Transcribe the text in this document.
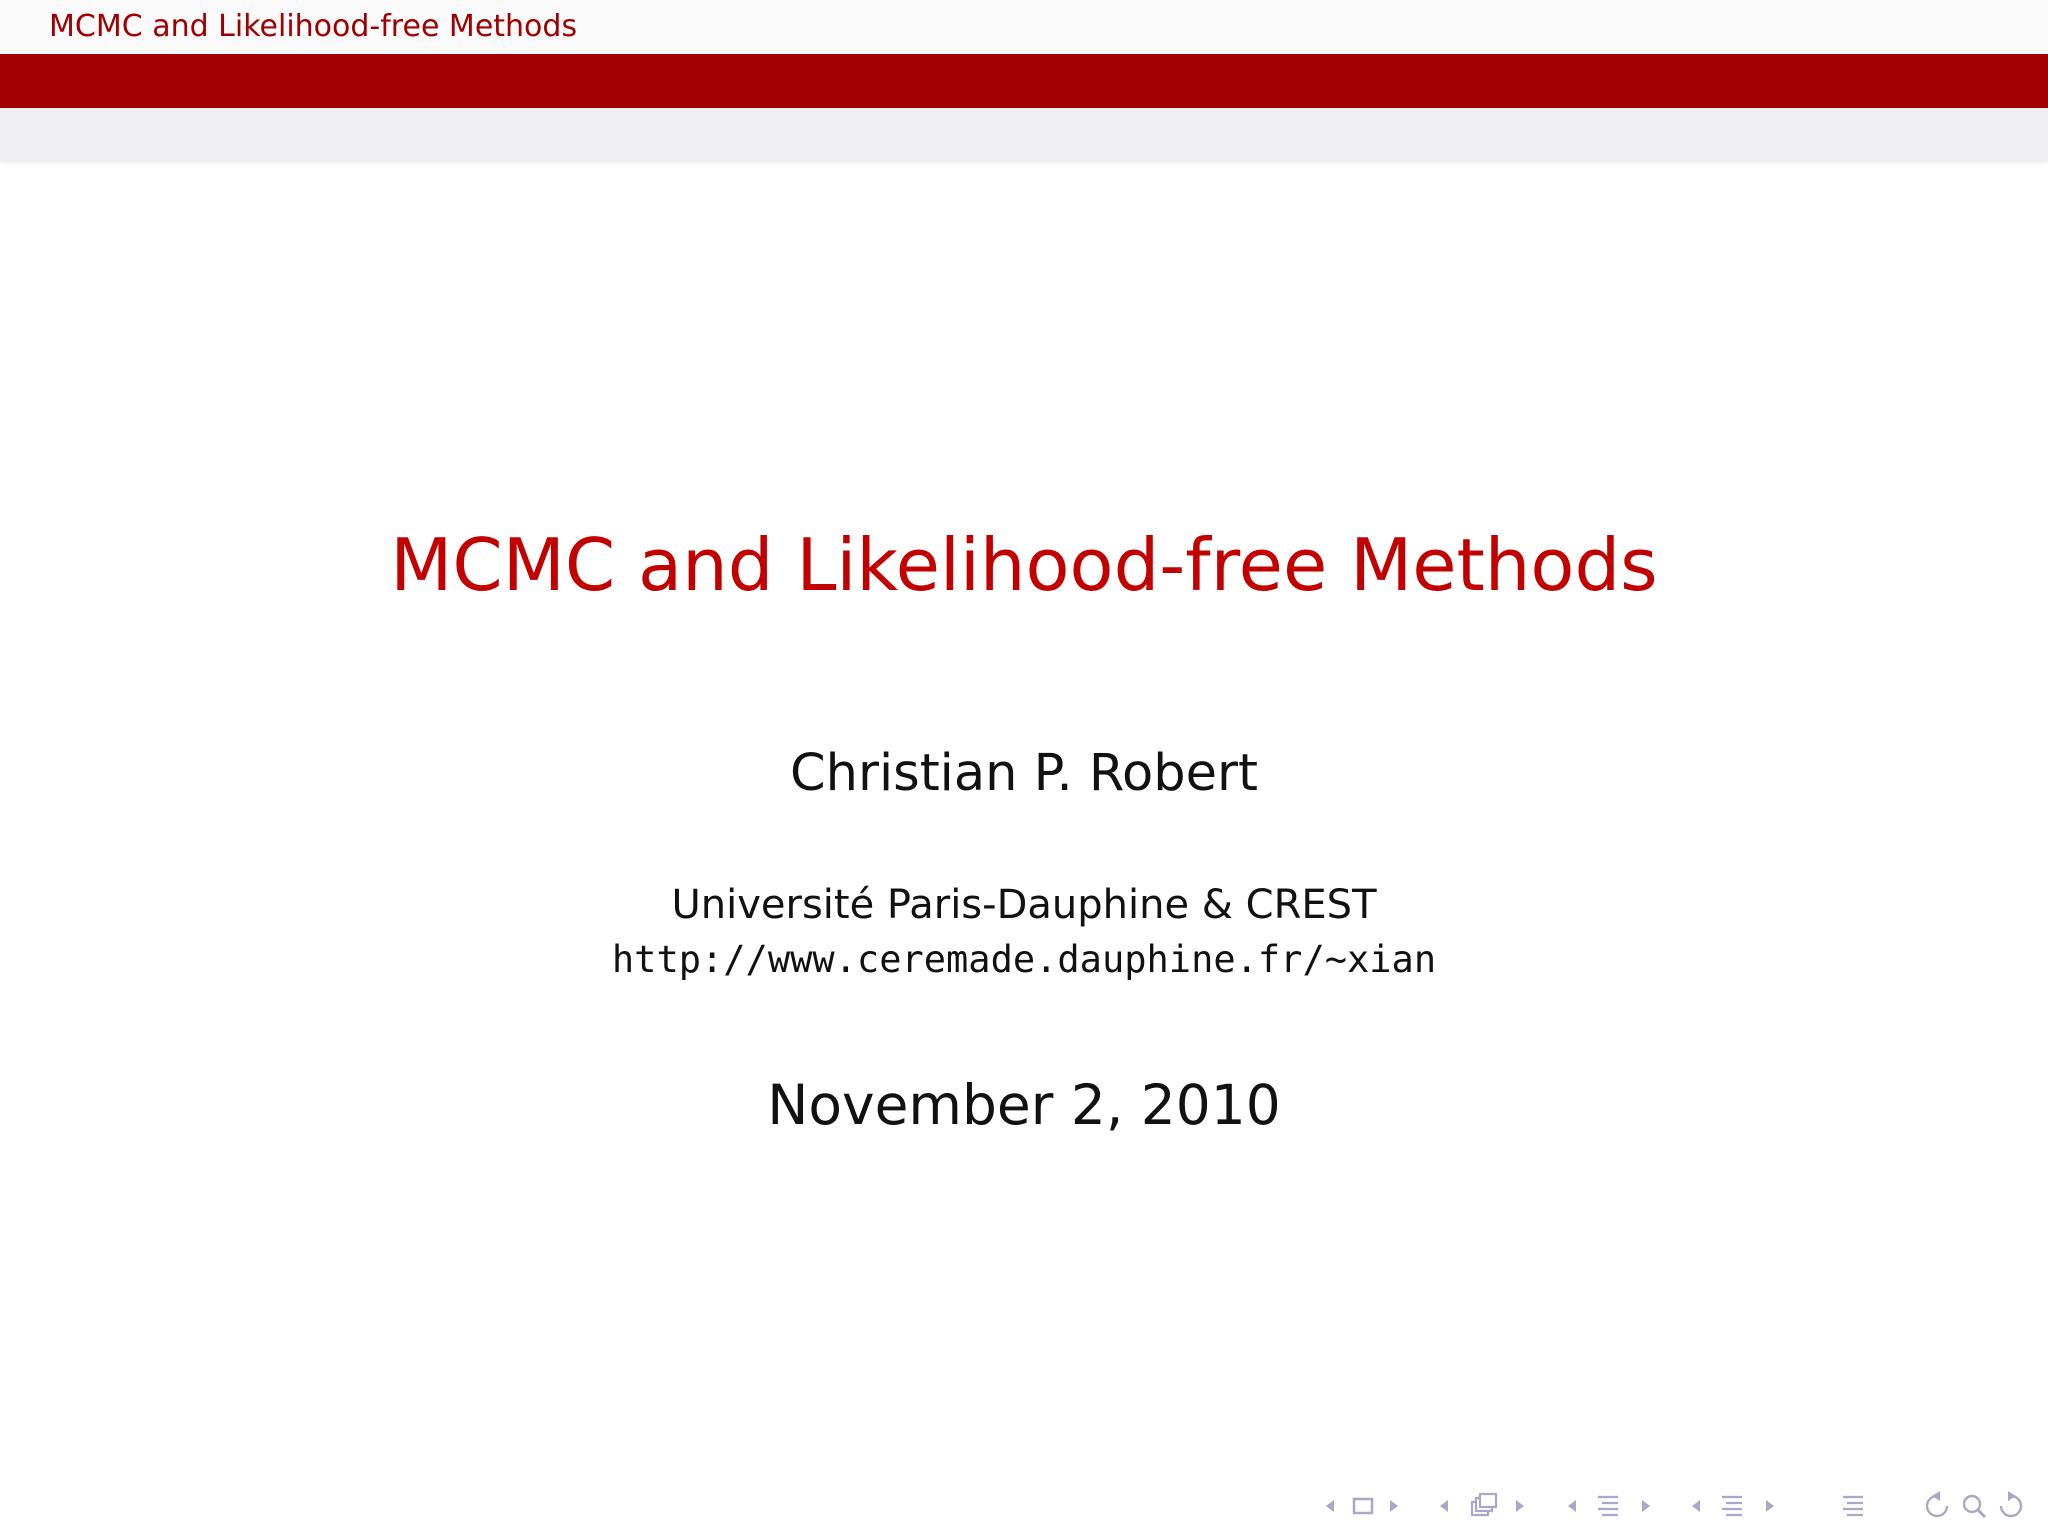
MCMC and Likelihood-free Methods
MCMC and Likelihood-free Methods
Christian P. Robert
Université Paris-Dauphine & CREST
http://www.ceremade.dauphine.fr/~xian
November 2, 2010
